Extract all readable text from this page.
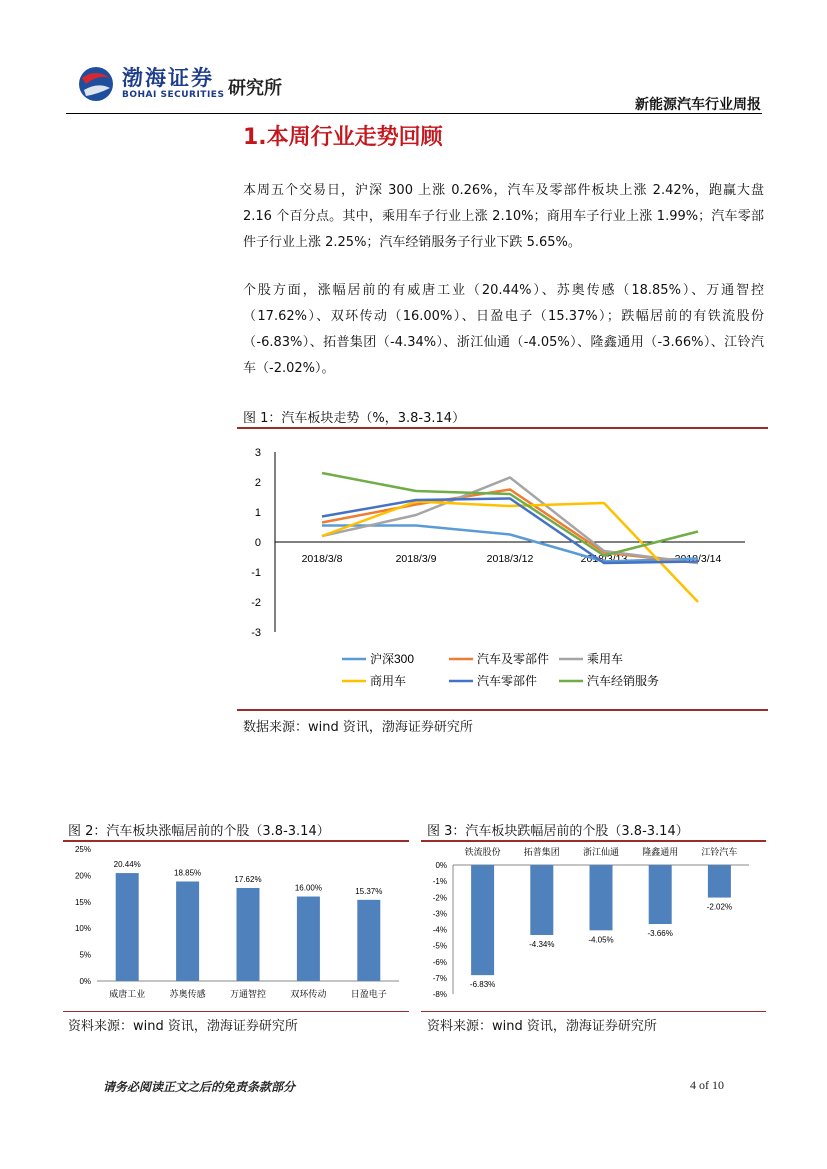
渤海证券
BOHAI SECURITIES 研究所
新能源汽车行业周报
1.本周行业走势回顾

本周五个交易日，沪深 300 上涨 0.26%，汽车及零部件板块上涨 2.42%，跑赢大盘 2.16 个百分点。其中，乘用车子行业上涨 2.10%；商用车子行业上涨 1.99%；汽车零部件子行业上涨 2.25%；汽车经销服务子行业下跌 5.65%。

个股方面，涨幅居前的有威唐工业（20.44%）、苏奥传感（18.85%）、万通智控（17.62%）、双环传动（16.00%）、日盈电子（15.37%）；跌幅居前的有铁流股份（-6.83%）、拓普集团（-4.34%）、浙江仙通（-4.05%）、隆鑫通用（-3.66%）、江铃汽车（-2.02%）。

图 1：汽车板块走势（%，3.8-3.14）
3
2
1
0
-1
-2
-3
2018/3/8	2018/3/9	2018/3/12	2018/3/13	2018/3/14
沪深300	汽车及零部件	乘用车
商用车	汽车零部件	汽车经销服务
数据来源：wind 资讯，渤海证券研究所
图 2：汽车板块涨幅居前的个股（3.8-3.14）
25%
20%
15%
10%
5%
0%
20.44%
威唐工业
18.85%
苏奥传感
17.62%
万通智控
16.00%
双环传动
15.37%
日盈电子
资料来源：wind 资讯，渤海证券研究所
图 3：汽车板块跌幅居前的个股（3.8-3.14）
0%
-1%
-2%
-3%
-4%
-5%
-6%
-7%
-8%
-6.83%
铁流股份
-4.34%
拓普集团
-4.05%
浙江仙通
-3.66%
隆鑫通用
-2.02%
江铃汽车
资料来源：wind 资讯，渤海证券研究所
请务必阅读正文之后的免责条款部分	4 of 10
